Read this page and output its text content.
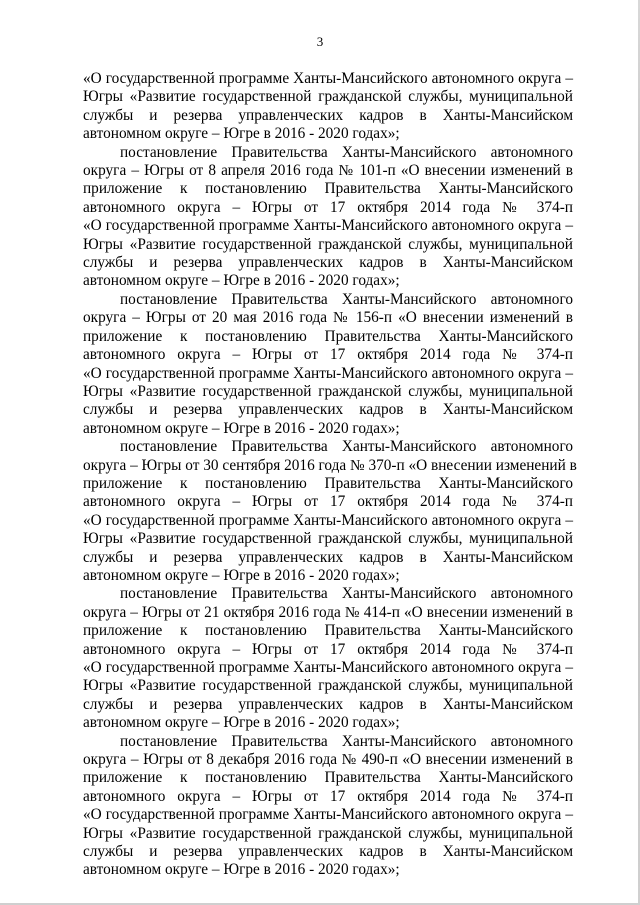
3
«О государственной программе Ханты-Мансийского автономного округа –
Югры «Развитие государственной гражданской службы, муниципальной
службы и резерва управленческих кадров в Ханты-Мансийском
автономном округе – Югре в 2016 - 2020 годах»;
постановление Правительства Ханты-Мансийского автономного
округа – Югры от 8 апреля 2016 года № 101-п «О внесении изменений в
приложение к постановлению Правительства Ханты-Мансийского
автономного округа – Югры от 17 октября 2014 года № 374-п
«О государственной программе Ханты-Мансийского автономного округа –
Югры «Развитие государственной гражданской службы, муниципальной
службы и резерва управленческих кадров в Ханты-Мансийском
автономном округе – Югре в 2016 - 2020 годах»;
постановление Правительства Ханты-Мансийского автономного
округа – Югры от 20 мая 2016 года № 156-п «О внесении изменений в
приложение к постановлению Правительства Ханты-Мансийского
автономного округа – Югры от 17 октября 2014 года № 374-п
«О государственной программе Ханты-Мансийского автономного округа –
Югры «Развитие государственной гражданской службы, муниципальной
службы и резерва управленческих кадров в Ханты-Мансийском
автономном округе – Югре в 2016 - 2020 годах»;
постановление Правительства Ханты-Мансийского автономного
округа – Югры от 30 сентября 2016 года № 370-п «О внесении изменений в
приложение к постановлению Правительства Ханты-Мансийского
автономного округа – Югры от 17 октября 2014 года № 374-п
«О государственной программе Ханты-Мансийского автономного округа –
Югры «Развитие государственной гражданской службы, муниципальной
службы и резерва управленческих кадров в Ханты-Мансийском
автономном округе – Югре в 2016 - 2020 годах»;
постановление Правительства Ханты-Мансийского автономного
округа – Югры от 21 октября 2016 года № 414-п «О внесении изменений в
приложение к постановлению Правительства Ханты-Мансийского
автономного округа – Югры от 17 октября 2014 года № 374-п
«О государственной программе Ханты-Мансийского автономного округа –
Югры «Развитие государственной гражданской службы, муниципальной
службы и резерва управленческих кадров в Ханты-Мансийском
автономном округе – Югре в 2016 - 2020 годах»;
постановление Правительства Ханты-Мансийского автономного
округа – Югры от 8 декабря 2016 года № 490-п «О внесении изменений в
приложение к постановлению Правительства Ханты-Мансийского
автономного округа – Югры от 17 октября 2014 года № 374-п
«О государственной программе Ханты-Мансийского автономного округа –
Югры «Развитие государственной гражданской службы, муниципальной
службы и резерва управленческих кадров в Ханты-Мансийском
автономном округе – Югре в 2016 - 2020 годах»;
